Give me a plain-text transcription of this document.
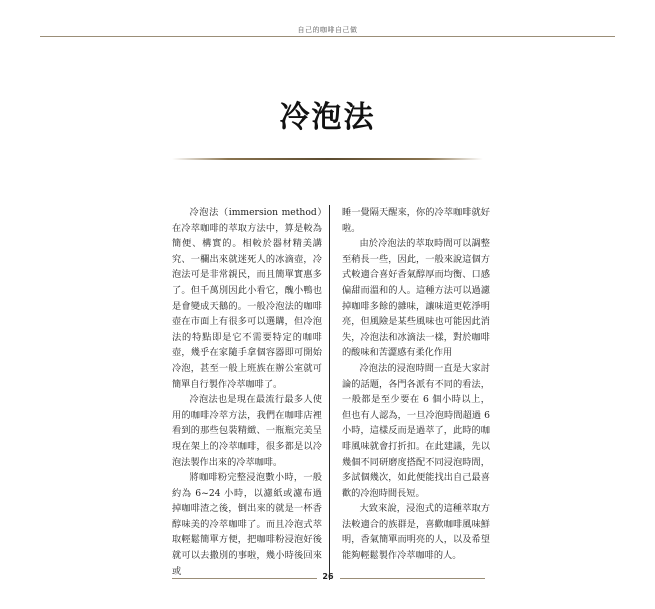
自己的咖啡自己做
冷泡法

冷泡法（immersion method）在冷萃咖啡的萃取方法中，算是較為簡便、構實的。相較於器材精美講究、一欄出來就迷死人的冰滴壺，冷泡法可是非常親民，而且簡單實惠多了。但千萬別因此小看它，醜小鴨也是會變成天鵝的。一般冷泡法的咖啡壺在市面上有很多可以選購，但冷泡法的特點即是它不需要特定的咖啡壺，幾乎在家隨手拿個容器即可開始冷泡，甚至一般上班族在辦公室就可簡單自行製作冷萃咖啡了。

冷泡法也是現在最流行最多人使用的咖啡冷萃方法，我們在咖啡店裡看到的那些包裝精緻、一瓶瓶完美呈現在架上的冷萃咖啡，很多都是以冷泡法製作出來的冷萃咖啡。

將咖啡粉完整浸泡數小時，一般約為 6~24 小時，以濾紙或濾布過掉咖啡渣之後，倒出來的就是一杯香醇味美的冷萃咖啡了。而且冷泡式萃取輕鬆簡單方便，把咖啡粉浸泡好後就可以去撒別的事啦，幾小時後回來或

睡一覺隔天醒來，你的冷萃咖啡就好啦。

由於冷泡法的萃取時間可以調整至稍長一些，因此，一般來說這個方式較適合喜好香氣醇厚而均衡、口感偏甜而溫和的人。這種方法可以過濾掉咖啡多餘的雜味，讓味道更乾淨明亮，但風險是某些風味也可能因此消失，冷泡法和冰滴法一樣，對於咖啡的酸味和苦澀感有柔化作用

冷泡法的浸泡時間一直是大家討論的話題，各門各派有不同的看法，一般都是至少要在 6 個小時以上，但也有人認為，一旦冷泡時間超過 6 小時，這樣反而是過萃了，此時的咖啡風味就會打折扣。在此建議，先以幾個不同研磨度搭配不同浸泡時間，多試個幾次，如此便能找出自己最喜歡的冷泡時間長短。

大致來說，浸泡式的這種萃取方法較適合的族群是，喜歡咖啡風味鮮明，香氣簡單而明亮的人，以及希望能夠輕鬆製作冷萃咖啡的人。

26
